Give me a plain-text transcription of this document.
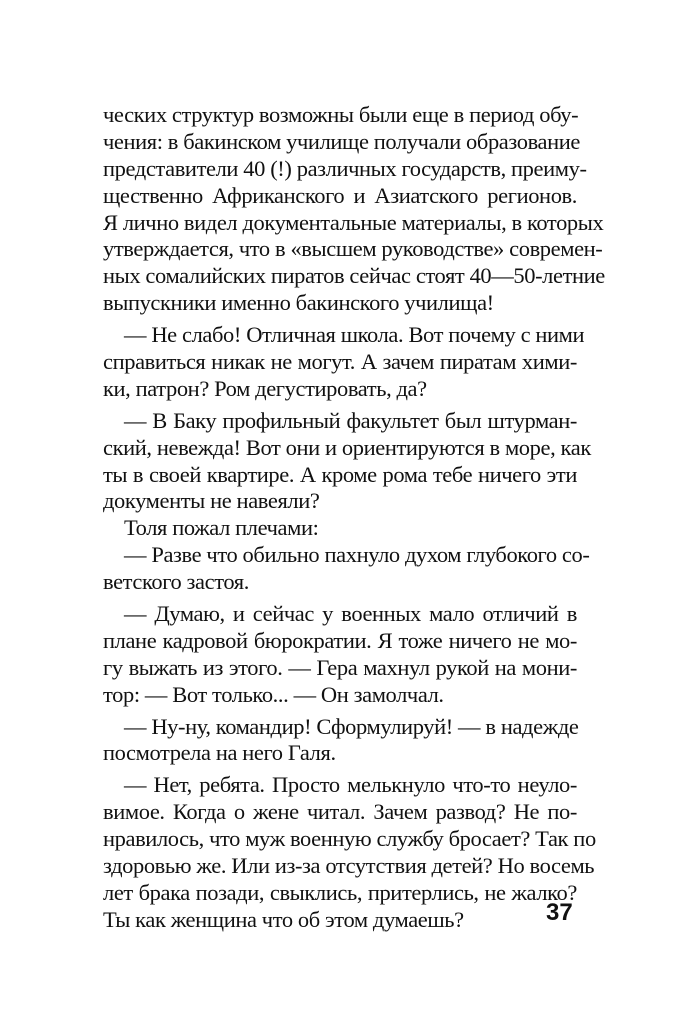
ческих структур возможны были еще в период обу-
чения: в бакинском училище получали образование
представители 40 (!) различных государств, преиму-
щественно Африканского и Азиатского регионов.
Я лично видел документальные материалы, в которых
утверждается, что в «высшем руководстве» современ-
ных сомалийских пиратов сейчас стоят 40—50-летние
выпускники именно бакинского училища!
— Не слабо! Отличная школа. Вот почему с ними
справиться никак не могут. А зачем пиратам хими-
ки, патрон? Ром дегустировать, да?
— В Баку профильный факультет был штурман-
ский, невежда! Вот они и ориентируются в море, как
ты в своей квартире. А кроме рома тебе ничего эти
документы не навеяли?
Толя пожал плечами:
— Разве что обильно пахнуло духом глубокого со-
ветского застоя.
— Думаю, и сейчас у военных мало отличий в
плане кадровой бюрократии. Я тоже ничего не мо-
гу выжать из этого. — Гера махнул рукой на мони-
тор: — Вот только... — Он замолчал.
— Ну-ну, командир! Сформулируй! — в надежде
посмотрела на него Галя.
— Нет, ребята. Просто мелькнуло что-то неуло-
вимое. Когда о жене читал. Зачем развод? Не по-
нравилось, что муж военную службу бросает? Так по
здоровью же. Или из-за отсутствия детей? Но восемь
лет брака позади, свыклись, притерлись, не жалко?
Ты как женщина что об этом думаешь?	37
